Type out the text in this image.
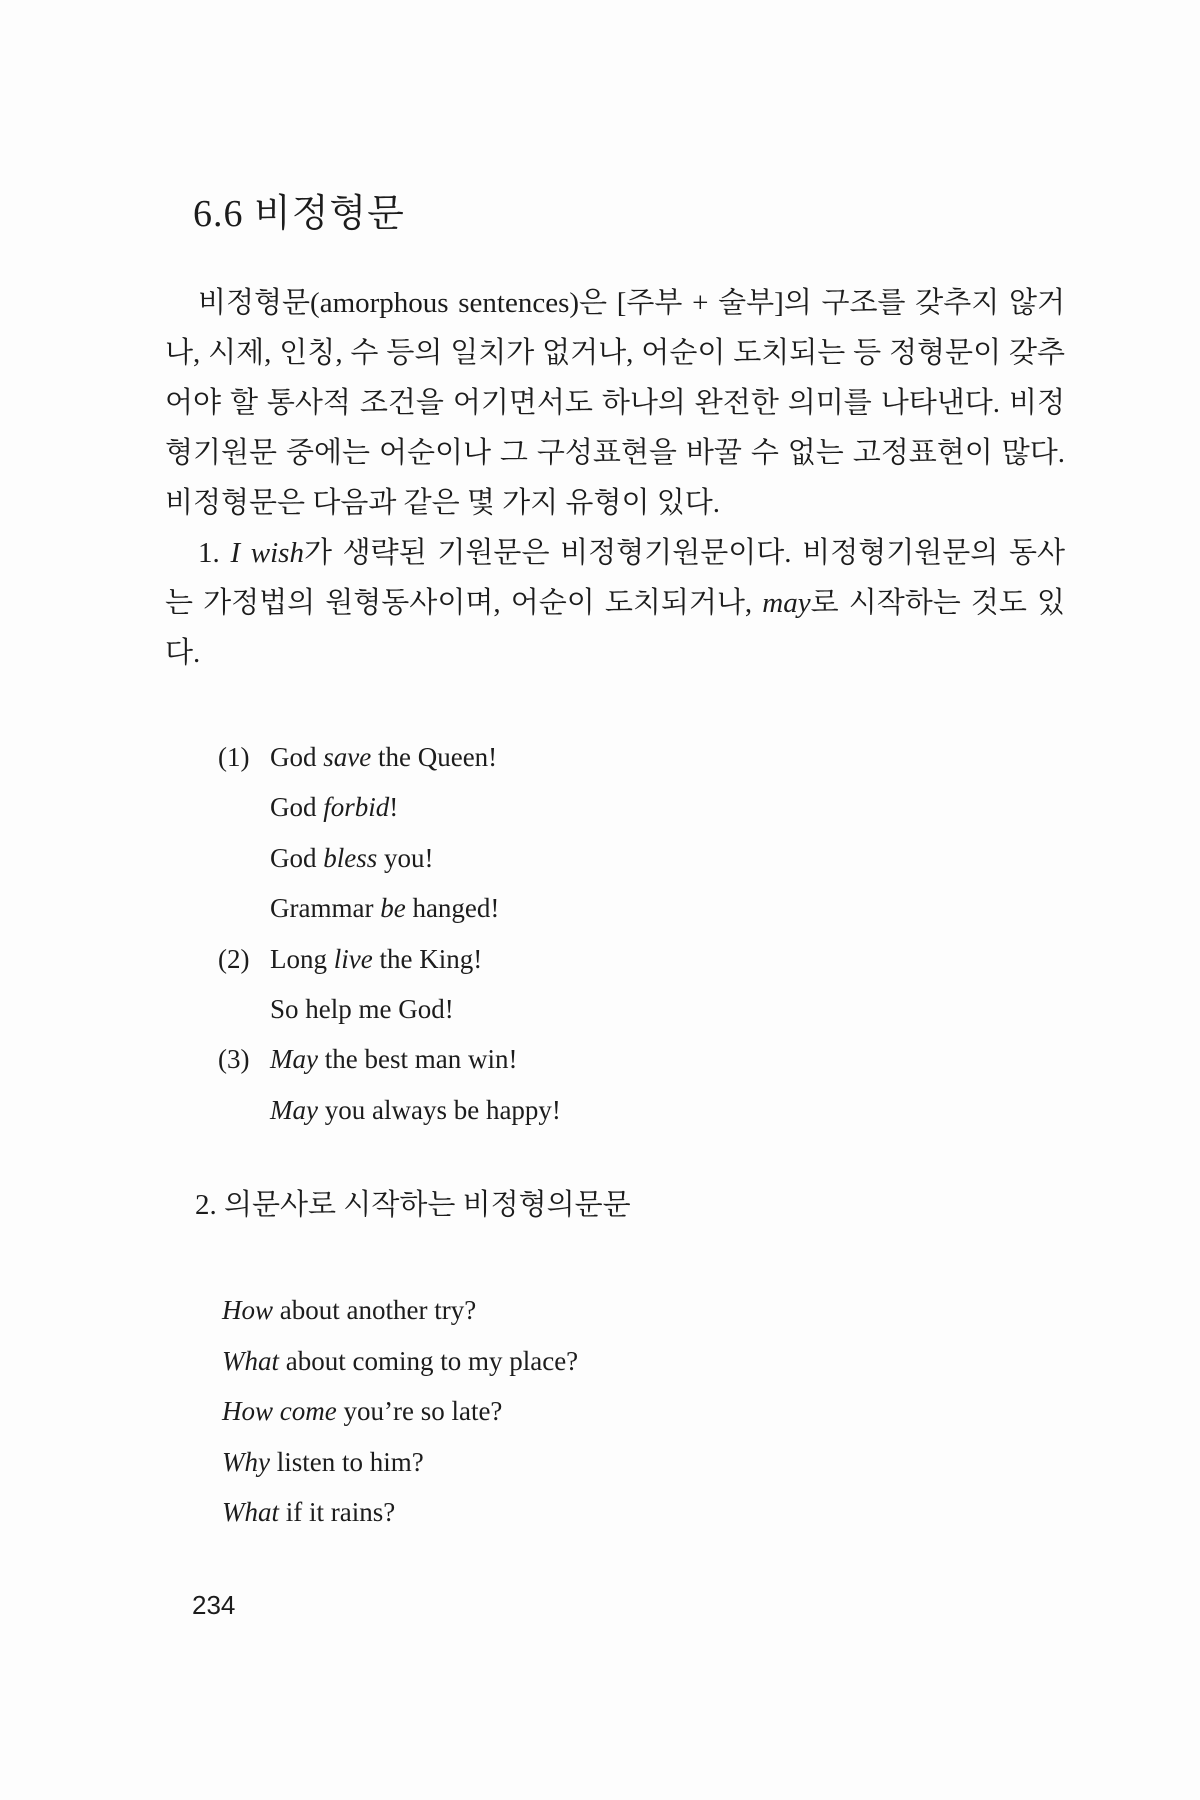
6.6 비정형문

비정형문(amorphous sentences)은 [주부 + 술부]의 구조를 갖추지 않거나, 시제, 인칭, 수 등의 일치가 없거나, 어순이 도치되는 등 정형문이 갖추어야 할 통사적 조건을 어기면서도 하나의 완전한 의미를 나타낸다. 비정형기원문 중에는 어순이나 그 구성표현을 바꿀 수 없는 고정표현이 많다. 비정형문은 다음과 같은 몇 가지 유형이 있다.

1. I wish가 생략된 기원문은 비정형기원문이다. 비정형기원문의 동사는 가정법의 원형동사이며, 어순이 도치되거나, may로 시작하는 것도 있다.

(1) God save the Queen!
God forbid!
God bless you!
Grammar be hanged!
(2) Long live the King!
So help me God!
(3) May the best man win!
May you always be happy!
2. 의문사로 시작하는 비정형의문문
How about another try?
What about coming to my place?
How come you’re so late?
Why listen to him?
What if it rains?
234
